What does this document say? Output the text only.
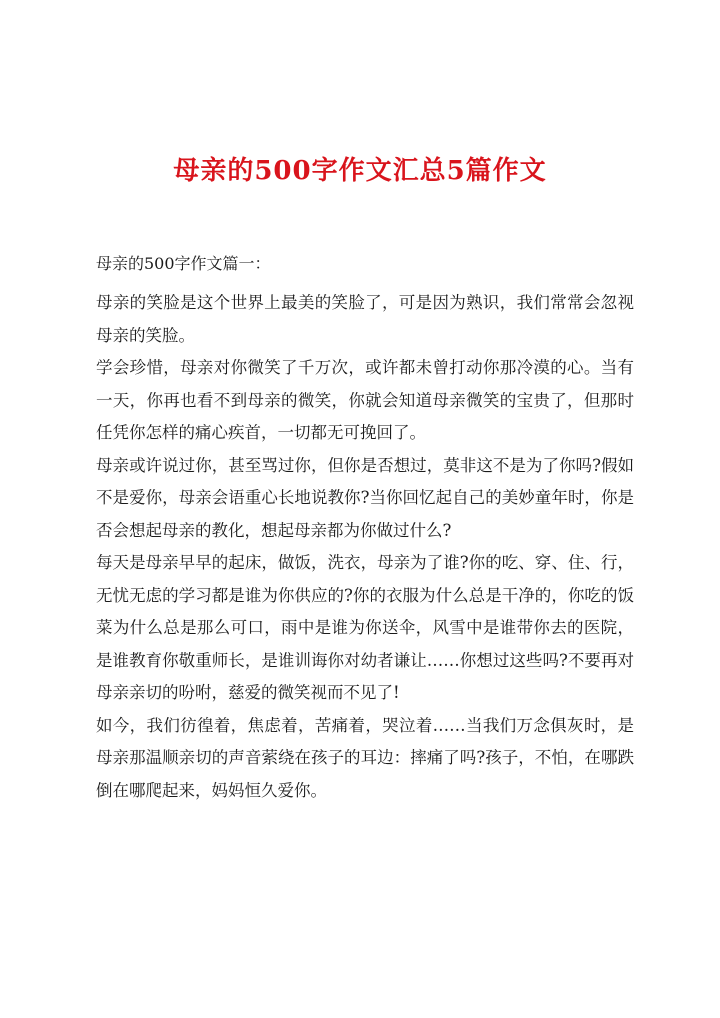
母亲的500字作文汇总5篇作文

母亲的500字作文篇一：

母亲的笑脸是这个世界上最美的笑脸了，可是因为熟识，我们常常会忽视母亲的笑脸。

学会珍惜，母亲对你微笑了千万次，或许都未曾打动你那冷漠的心。当有一天，你再也看不到母亲的微笑，你就会知道母亲微笑的宝贵了，但那时任凭你怎样的痛心疾首，一切都无可挽回了。

母亲或许说过你，甚至骂过你，但你是否想过，莫非这不是为了你吗?假如不是爱你，母亲会语重心长地说教你?当你回忆起自己的美妙童年时，你是否会想起母亲的教化，想起母亲都为你做过什么?

每天是母亲早早的起床，做饭，洗衣，母亲为了谁?你的吃、穿、住、行，无忧无虑的学习都是谁为你供应的?你的衣服为什么总是干净的，你吃的饭菜为什么总是那么可口，雨中是谁为你送伞，风雪中是谁带你去的医院，是谁教育你敬重师长，是谁训诲你对幼者谦让……你想过这些吗?不要再对母亲亲切的吩咐，慈爱的微笑视而不见了!

如今，我们彷徨着，焦虑着，苦痛着，哭泣着……当我们万念俱灰时，是母亲那温顺亲切的声音萦绕在孩子的耳边：摔痛了吗?孩子，不怕，在哪跌倒在哪爬起来，妈妈恒久爱你。
